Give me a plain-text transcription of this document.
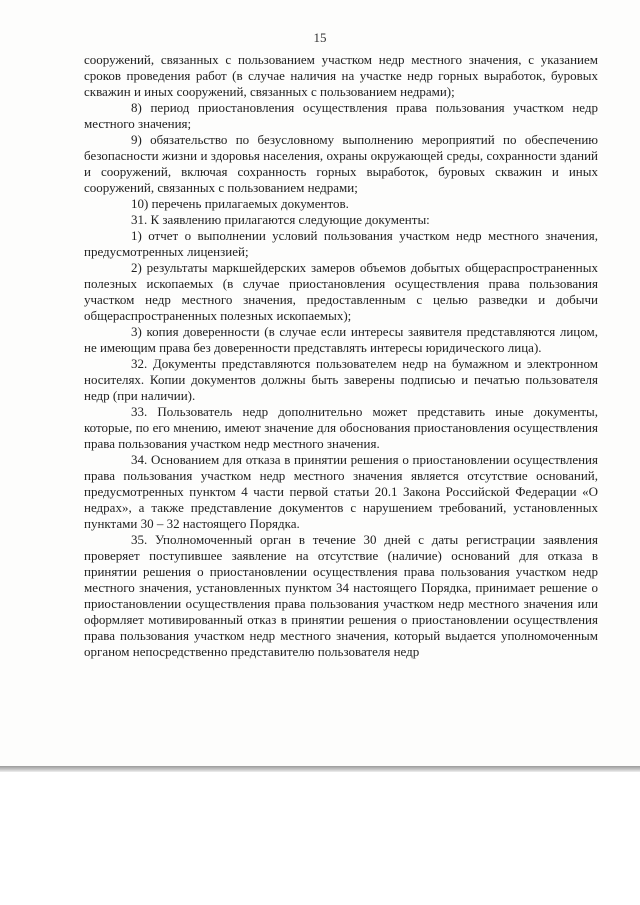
15

сооружений, связанных с пользованием участком недр местного значения, с указанием сроков проведения работ (в случае наличия на участке недр горных выработок, буровых скважин и иных сооружений, связанных с пользованием недрами);

8) период приостановления осуществления права пользования участком недр местного значения;

9) обязательство по безусловному выполнению мероприятий по обеспечению безопасности жизни и здоровья населения, охраны окружающей среды, сохранности зданий и сооружений, включая сохранность горных выработок, буровых скважин и иных сооружений, связанных с пользованием недрами;

10) перечень прилагаемых документов.

31. К заявлению прилагаются следующие документы:

1) отчет о выполнении условий пользования участком недр местного значения, предусмотренных лицензией;

2) результаты маркшейдерских замеров объемов добытых общераспространенных полезных ископаемых (в случае приостановления осуществления права пользования участком недр местного значения, предоставленным с целью разведки и добычи общераспространенных полезных ископаемых);

3) копия доверенности (в случае если интересы заявителя представляются лицом, не имеющим права без доверенности представлять интересы юридического лица).

32. Документы представляются пользователем недр на бумажном и электронном носителях. Копии документов должны быть заверены подписью и печатью пользователя недр (при наличии).

33. Пользователь недр дополнительно может представить иные документы, которые, по его мнению, имеют значение для обоснования приостановления осуществления права пользования участком недр местного значения.

34. Основанием для отказа в принятии решения о приостановлении осуществления права пользования участком недр местного значения является отсутствие оснований, предусмотренных пунктом 4 части первой статьи 20.1 Закона Российской Федерации «О недрах», а также представление документов с нарушением требований, установленных пунктами 30 – 32 настоящего Порядка.

35. Уполномоченный орган в течение 30 дней с даты регистрации заявления проверяет поступившее заявление на отсутствие (наличие) оснований для отказа в принятии решения о приостановлении осуществления права пользования участком недр местного значения, установленных пунктом 34 настоящего Порядка, принимает решение о приостановлении осуществления права пользования участком недр местного значения или оформляет мотивированный отказ в принятии решения о приостановлении осуществления права пользования участком недр местного значения, который выдается уполномоченным органом непосредственно представителю пользователя недр
